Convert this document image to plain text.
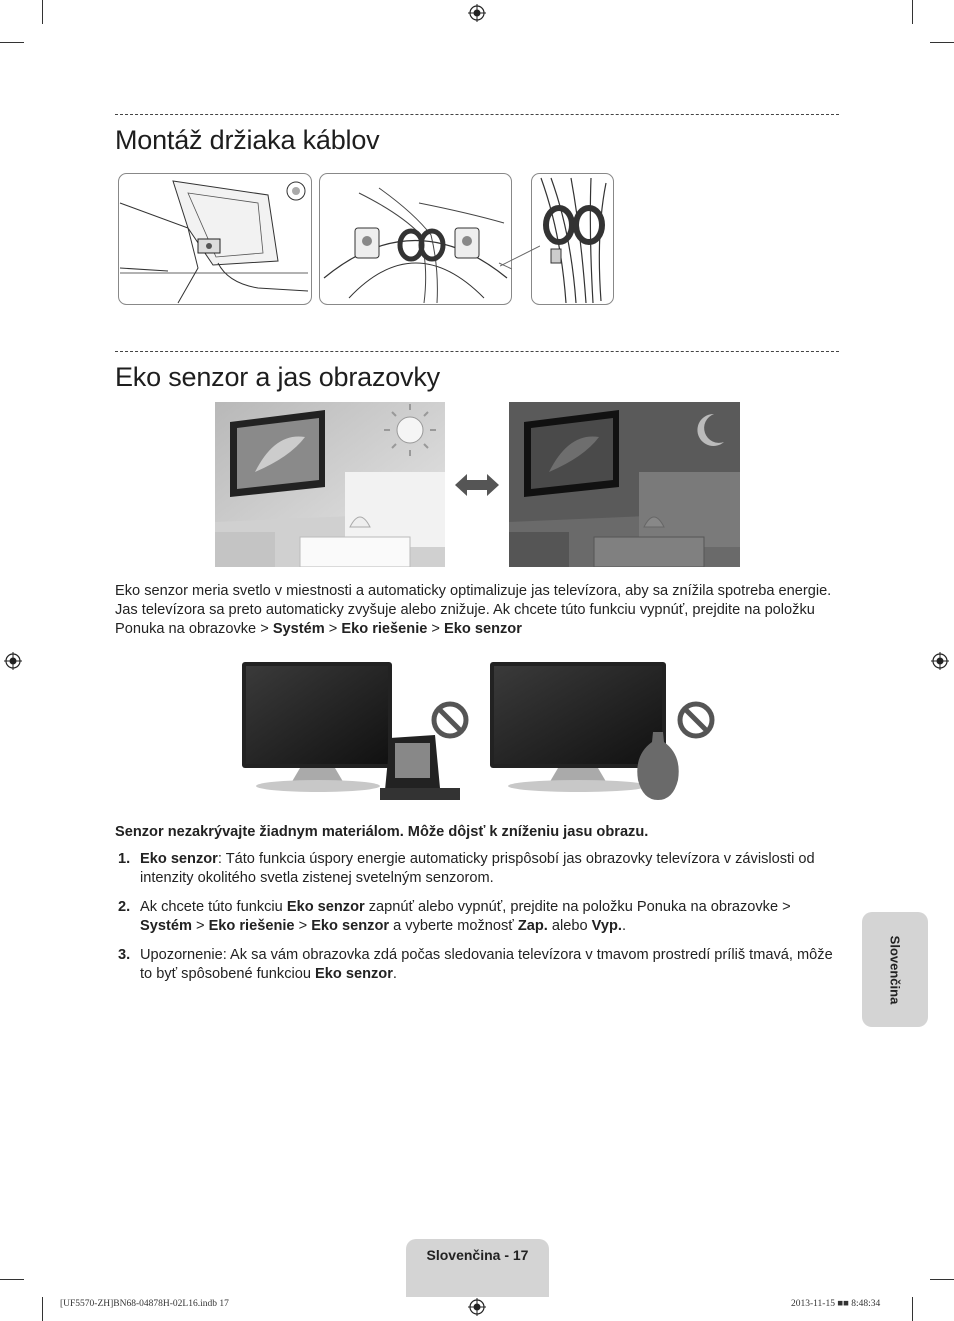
Montáž držiaka káblov
Eko senzor a jas obrazovky

Eko senzor meria svetlo v miestnosti a automaticky optimalizuje jas televízora, aby sa znížila spotreba energie. Jas televízora sa preto automaticky zvyšuje alebo znižuje. Ak chcete túto funkciu vypnúť, prejdite na položku Ponuka na obrazovke > Systém > Eko riešenie > Eko senzor

Senzor nezakrývajte žiadnym materiálom. Môže dôjsť k zníženiu jasu obrazu.

1. Eko senzor: Táto funkcia úspory energie automaticky prispôsobí jas obrazovky televízora v závislosti od intenzity okolitého svetla zistenej svetelným senzorom.
2. Ak chcete túto funkciu Eko senzor zapnúť alebo vypnúť, prejdite na položku Ponuka na obrazovke > Systém > Eko riešenie > Eko senzor a vyberte možnosť Zap. alebo Vyp..
3. Upozornenie: Ak sa vám obrazovka zdá počas sledovania televízora v tmavom prostredí príliš tmavá, môže to byť spôsobené funkciou Eko senzor.	Slovenčina
Slovenčina - 17
[UF5570-ZH]BN68-04878H-02L16.indb 17	2013-11-15 ■■ 8:48:34
